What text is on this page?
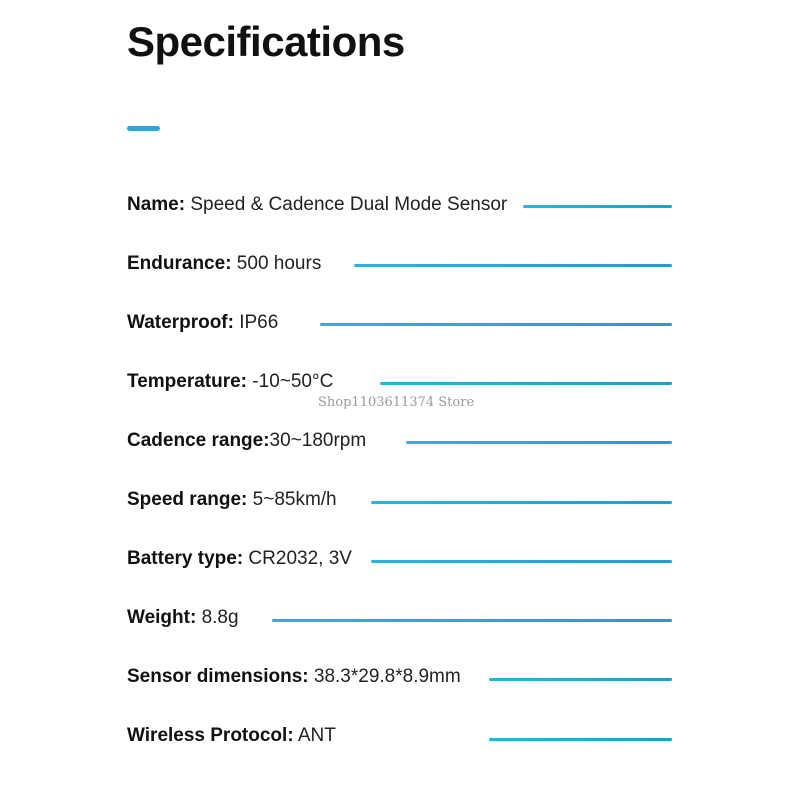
Specifications
Name: Speed & Cadence Dual Mode Sensor
Endurance: 500 hours
Waterproof: IP66
Temperature: -10~50°C
Shop1103611374 Store
Cadence range:30~180rpm
Speed range: 5~85km/h
Battery type: CR2032, 3V
Weight: 8.8g
Sensor dimensions: 38.3*29.8*8.9mm
Wireless Protocol: ANT
